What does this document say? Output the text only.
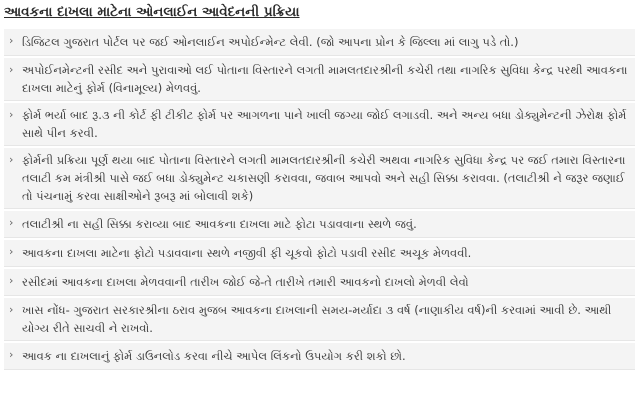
આવકના દાખલા માટેના ઓનલાઈન આવેદનની પ્રક્રિયા
› ડિજિટલ ગુજરાત પોર્ટલ પર જઈ ઓનલાઈન અપોઈન્મેન્ટ લેવી. (જો આપના પ્રોન કે જિલ્લા માં લાગુ પડે તો.)
› અપોઈનમેન્ટની રસીદ અને પુરાવાઓ લઈ પોતાના વિસ્તારને લગતી મામલતદારશ્રીની કચેરી તથા નાગરિક સુવિધા કેન્દ્ર પરથી આવકના દાખલા માટેનું ફોર્મ (વિનામૂલ્ય) મેળવવું.
› ફોર્મ ભર્યા બાદ રૂ.૩ ની કોર્ટ ફી ટીકીટ ફોર્મ પર આગળના પાને ખાલી જગ્યા જોઈ લગાડવી. અને અન્ય બધા ડોક્યુમેન્ટની ઝેરોક્ષ ફોર્મ સાથે પીન કરવી.
› ફોર્મની પ્રક્રિયા પૂર્ણ થયા બાદ પોતાના વિસ્તારને લગતી મામલતદારશ્રીની કચેરી અથવા નાગરિક સુવિધા કેન્દ્ર પર જઈ તમારા વિસ્તારના તલાટી કમ મંત્રીશ્રી પાસે જઈ બધા ડોક્યુમેન્ટ ચકાસણી કરાવવા, જવાબ આપવો અને સહી સિક્કા કરાવવા. (તલાટીશ્રી ને જરૂર જણાઈ તો પંચનામું કરવા સાક્ષીઓને રૂબરૂ માં બોલાવી શકે)
› તલાટીશ્રી ના સહી સિક્કા કરાવ્યા બાદ આવકના દાખલા માટે ફોટા પડાવવાના સ્થળે જવું.
› આવકના દાખલા માટેના ફોટો પડાવવાના સ્થળે નજીવી ફી ચૂકવો ફોટો પડાવી રસીદ અચૂક મેળવવી.
› રસીદમાં આવકના દાખલા મેળવવાની તારીખ જોઈ જે-તે તારીખે તમારી આવકનો દાખલો મેળવી લેવો
› ખાસ નોંધ- ગુજરાત સરકારશ્રીના ઠરાવ મુજબ આવકના દાખલાની સમય-મર્યાદા ૩ વર્ષ (નાણાકીય વર્ષ)ની કરવામાં આવી છે. આથી યોગ્ય રીતે સાચવી ને રાખવો.
› આવક ના દાખલાનું ફોર્મ ડાઉનલોડ કરવા નીચે આપેલ લિંકનો ઉપયોગ કરી શકો છો.
